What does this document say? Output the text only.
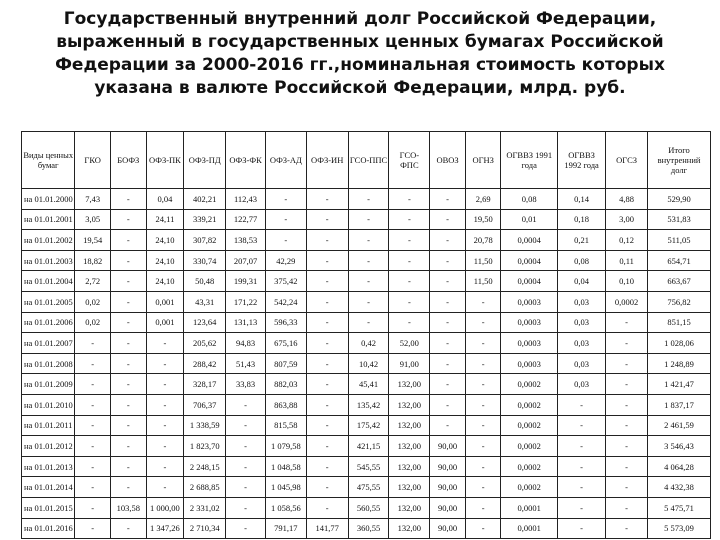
Государственный внутренний долг Российской Федерации,
выраженный в государственных ценных бумагах Российской
Федерации за 2000-2016 гг.,номинальная стоимость которых
указана в валюте Российской Федерации, млрд. руб.
Виды ценных бумаг	ГКО	БОФЗ	ОФЗ-ПК	ОФЗ-ПД	ОФЗ-ФК	ОФЗ-АД	ОФЗ-ИН	ГСО-ППС	ГСО-ФПС	ОВОЗ	ОГНЗ	ОГВВЗ 1991 года	ОГВВЗ 1992 года	ОГСЗ	Итого внутренний долг
на 01.01.2000	7,43	-	0,04	402,21	112,43	-	-	-	-	-	2,69	0,08	0,14	4,88	529,90
на 01.01.2001	3,05	-	24,11	339,21	122,77	-	-	-	-	-	19,50	0,01	0,18	3,00	531,83
на 01.01.2002	19,54	-	24,10	307,82	138,53	-	-	-	-	-	20,78	0,0004	0,21	0,12	511,05
на 01.01.2003	18,82	-	24,10	330,74	207,07	42,29	-	-	-	-	11,50	0,0004	0,08	0,11	654,71
на 01.01.2004	2,72	-	24,10	50,48	199,31	375,42	-	-	-	-	11,50	0,0004	0,04	0,10	663,67
на 01.01.2005	0,02	-	0,001	43,31	171,22	542,24	-	-	-	-	-	0,0003	0,03	0,0002	756,82
на 01.01.2006	0,02	-	0,001	123,64	131,13	596,33	-	-	-	-	-	0,0003	0,03	-	851,15
на 01.01.2007	-	-	-	205,62	94,83	675,16	-	0,42	52,00	-	-	0,0003	0,03	-	1 028,06
на 01.01.2008	-	-	-	288,42	51,43	807,59	-	10,42	91,00	-	-	0,0003	0,03	-	1 248,89
на 01.01.2009	-	-	-	328,17	33,83	882,03	-	45,41	132,00	-	-	0,0002	0,03	-	1 421,47
на 01.01.2010	-	-	-	706,37	-	863,88	-	135,42	132,00	-	-	0,0002	-	-	1 837,17
на 01.01.2011	-	-	-	1 338,59	-	815,58	-	175,42	132,00	-	-	0,0002	-	-	2 461,59
на 01.01.2012	-	-	-	1 823,70	-	1 079,58	-	421,15	132,00	90,00	-	0,0002	-	-	3 546,43
на 01.01.2013	-	-	-	2 248,15	-	1 048,58	-	545,55	132,00	90,00	-	0,0002	-	-	4 064,28
на 01.01.2014	-	-	-	2 688,85	-	1 045,98	-	475,55	132,00	90,00	-	0,0002	-	-	4 432,38
на 01.01.2015	-	103,58	1 000,00	2 331,02	-	1 058,56	-	560,55	132,00	90,00	-	0,0001	-	-	5 475,71
на 01.01.2016	-	-	1 347,26	2 710,34	-	791,17	141,77	360,55	132,00	90,00	-	0,0001	-	-	5 573,09
